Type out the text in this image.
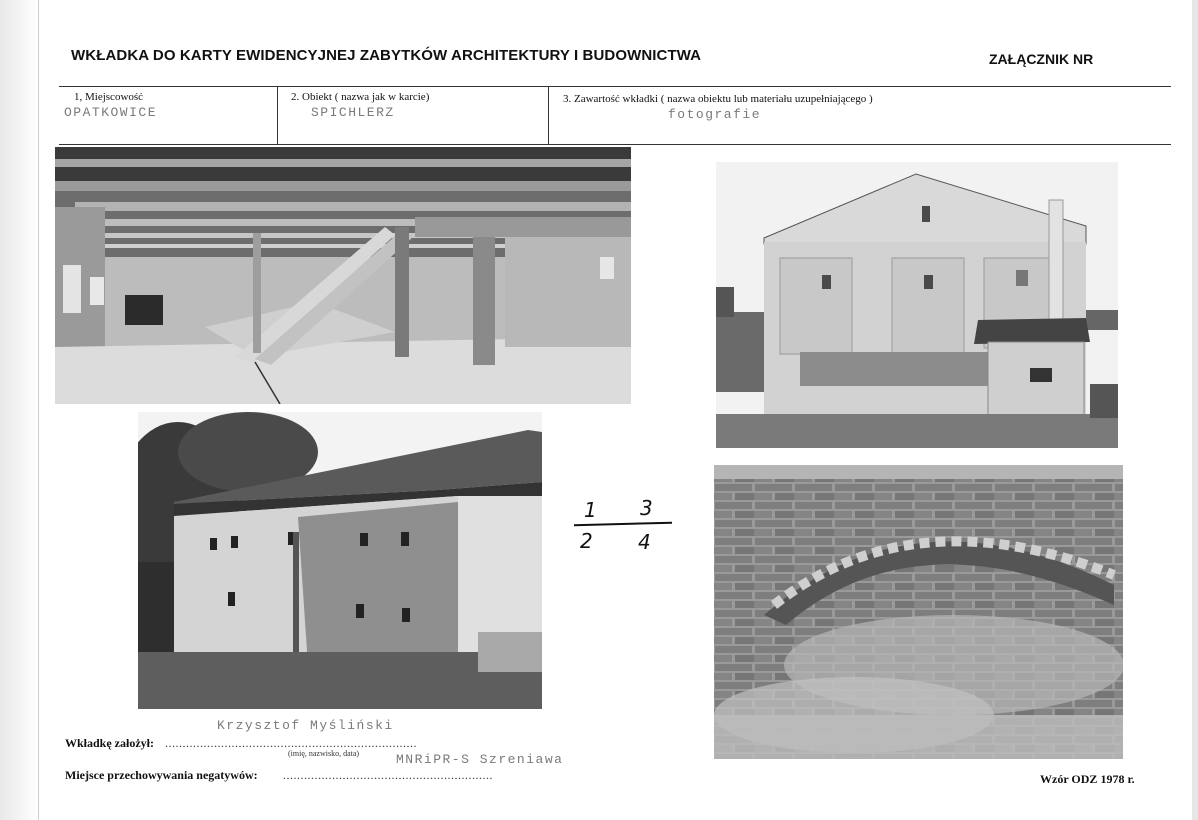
WKŁADKA DO KARTY EWIDENCYJNEJ ZABYTKÓW ARCHITEKTURY I BUDOWNICTWA	ZAŁĄCZNIK NR
1, Miejscowość
OPATKOWICE
2. Obiekt ( nazwa jak w karcie)
SPICHLERZ
3. Zawartość wkładki ( nazwa obiektu lub materiału uzupełniającego )
fotografie
1 3
2 4
Krzysztof Myśliński
Wkładkę założył: ........................................................................
(imię, nazwisko, data)	MNRiPR-S Szreniawa
Miejsce przechowywania negatywów: ............................................................	Wzór ODZ 1978 r.
